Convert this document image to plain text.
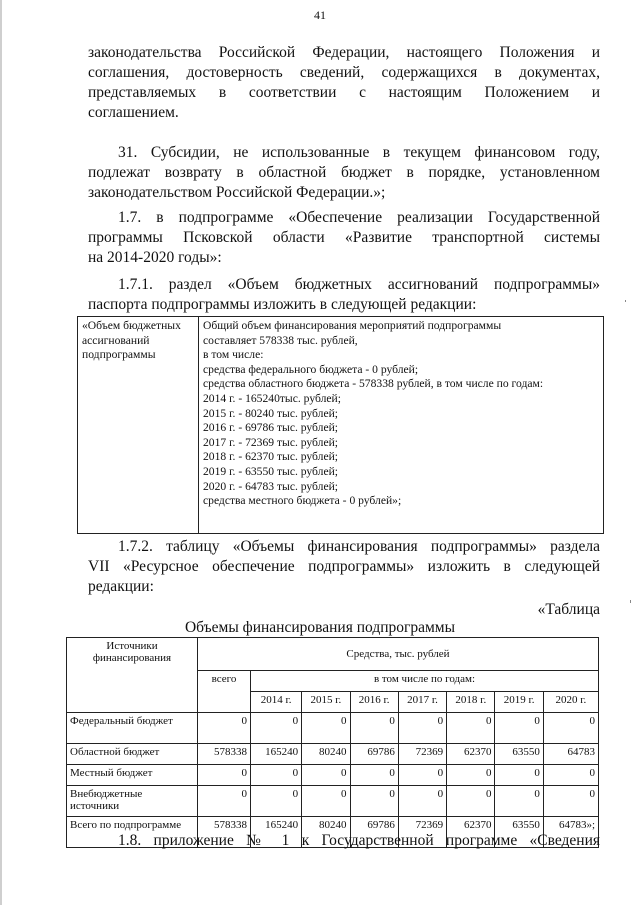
41
законодательства Российской Федерации, настоящего Положения и
соглашения, достоверность сведений, содержащихся в документах,
представляемых в соответствии с настоящим Положением и
соглашением.
31. Субсидии, не использованные в текущем финансовом году,
подлежат возврату в областной бюджет в порядке, установленном
законодательством Российской Федерации.»;
1.7. в подпрограмме «Обеспечение реализации Государственной
программы Псковской области «Развитие транспортной системы
на 2014-2020 годы»:
1.7.1. раздел «Объем бюджетных ассигнований подпрограммы»
паспорта подпрограммы изложить в следующей редакции:
«Объем бюджетных ассигнований подпрограммы	
Общий объем финансирования мероприятий подпрограммы
составляет 578338 тыс. рублей,
в том числе:
средства федерального бюджета - 0 рублей;
средства областного бюджета - 578338 рублей, в том числе по годам:
2014 г. - 165240тыс. рублей;
2015 г. - 80240 тыс. рублей;
2016 г. - 69786 тыс. рублей;
2017 г. - 72369 тыс. рублей;
2018 г. - 62370 тыс. рублей;
2019 г. - 63550 тыс. рублей;
2020 г. - 64783 тыс. рублей;
средства местного бюджета - 0 рублей»;
1.7.2. таблицу «Объемы финансирования подпрограммы» раздела
VII «Ресурсное обеспечение подпрограммы» изложить в следующей
редакции:
«Таблица
Объемы финансирования подпрограммы
Источники финансирования	Средства, тыс. рублей							
	всего	в том числе по годам:						
		2014 г.	2015 г.	2016 г.	2017 г.	2018 г.	2019 г.	2020 г.
Федеральный бюджет	0	0	0	0	0	0	0	0
Областной бюджет	578338	165240	80240	69786	72369	62370	63550	64783
Местный бюджет	0	0	0	0	0	0	0	0
Внебюджетные источники	0	0	0	0	0	0	0	0
Всего по подпрограмме	578338	165240	80240	69786	72369	62370	63550	64783»;
1.8. приложение № 1 к Государственной программе «Сведения
